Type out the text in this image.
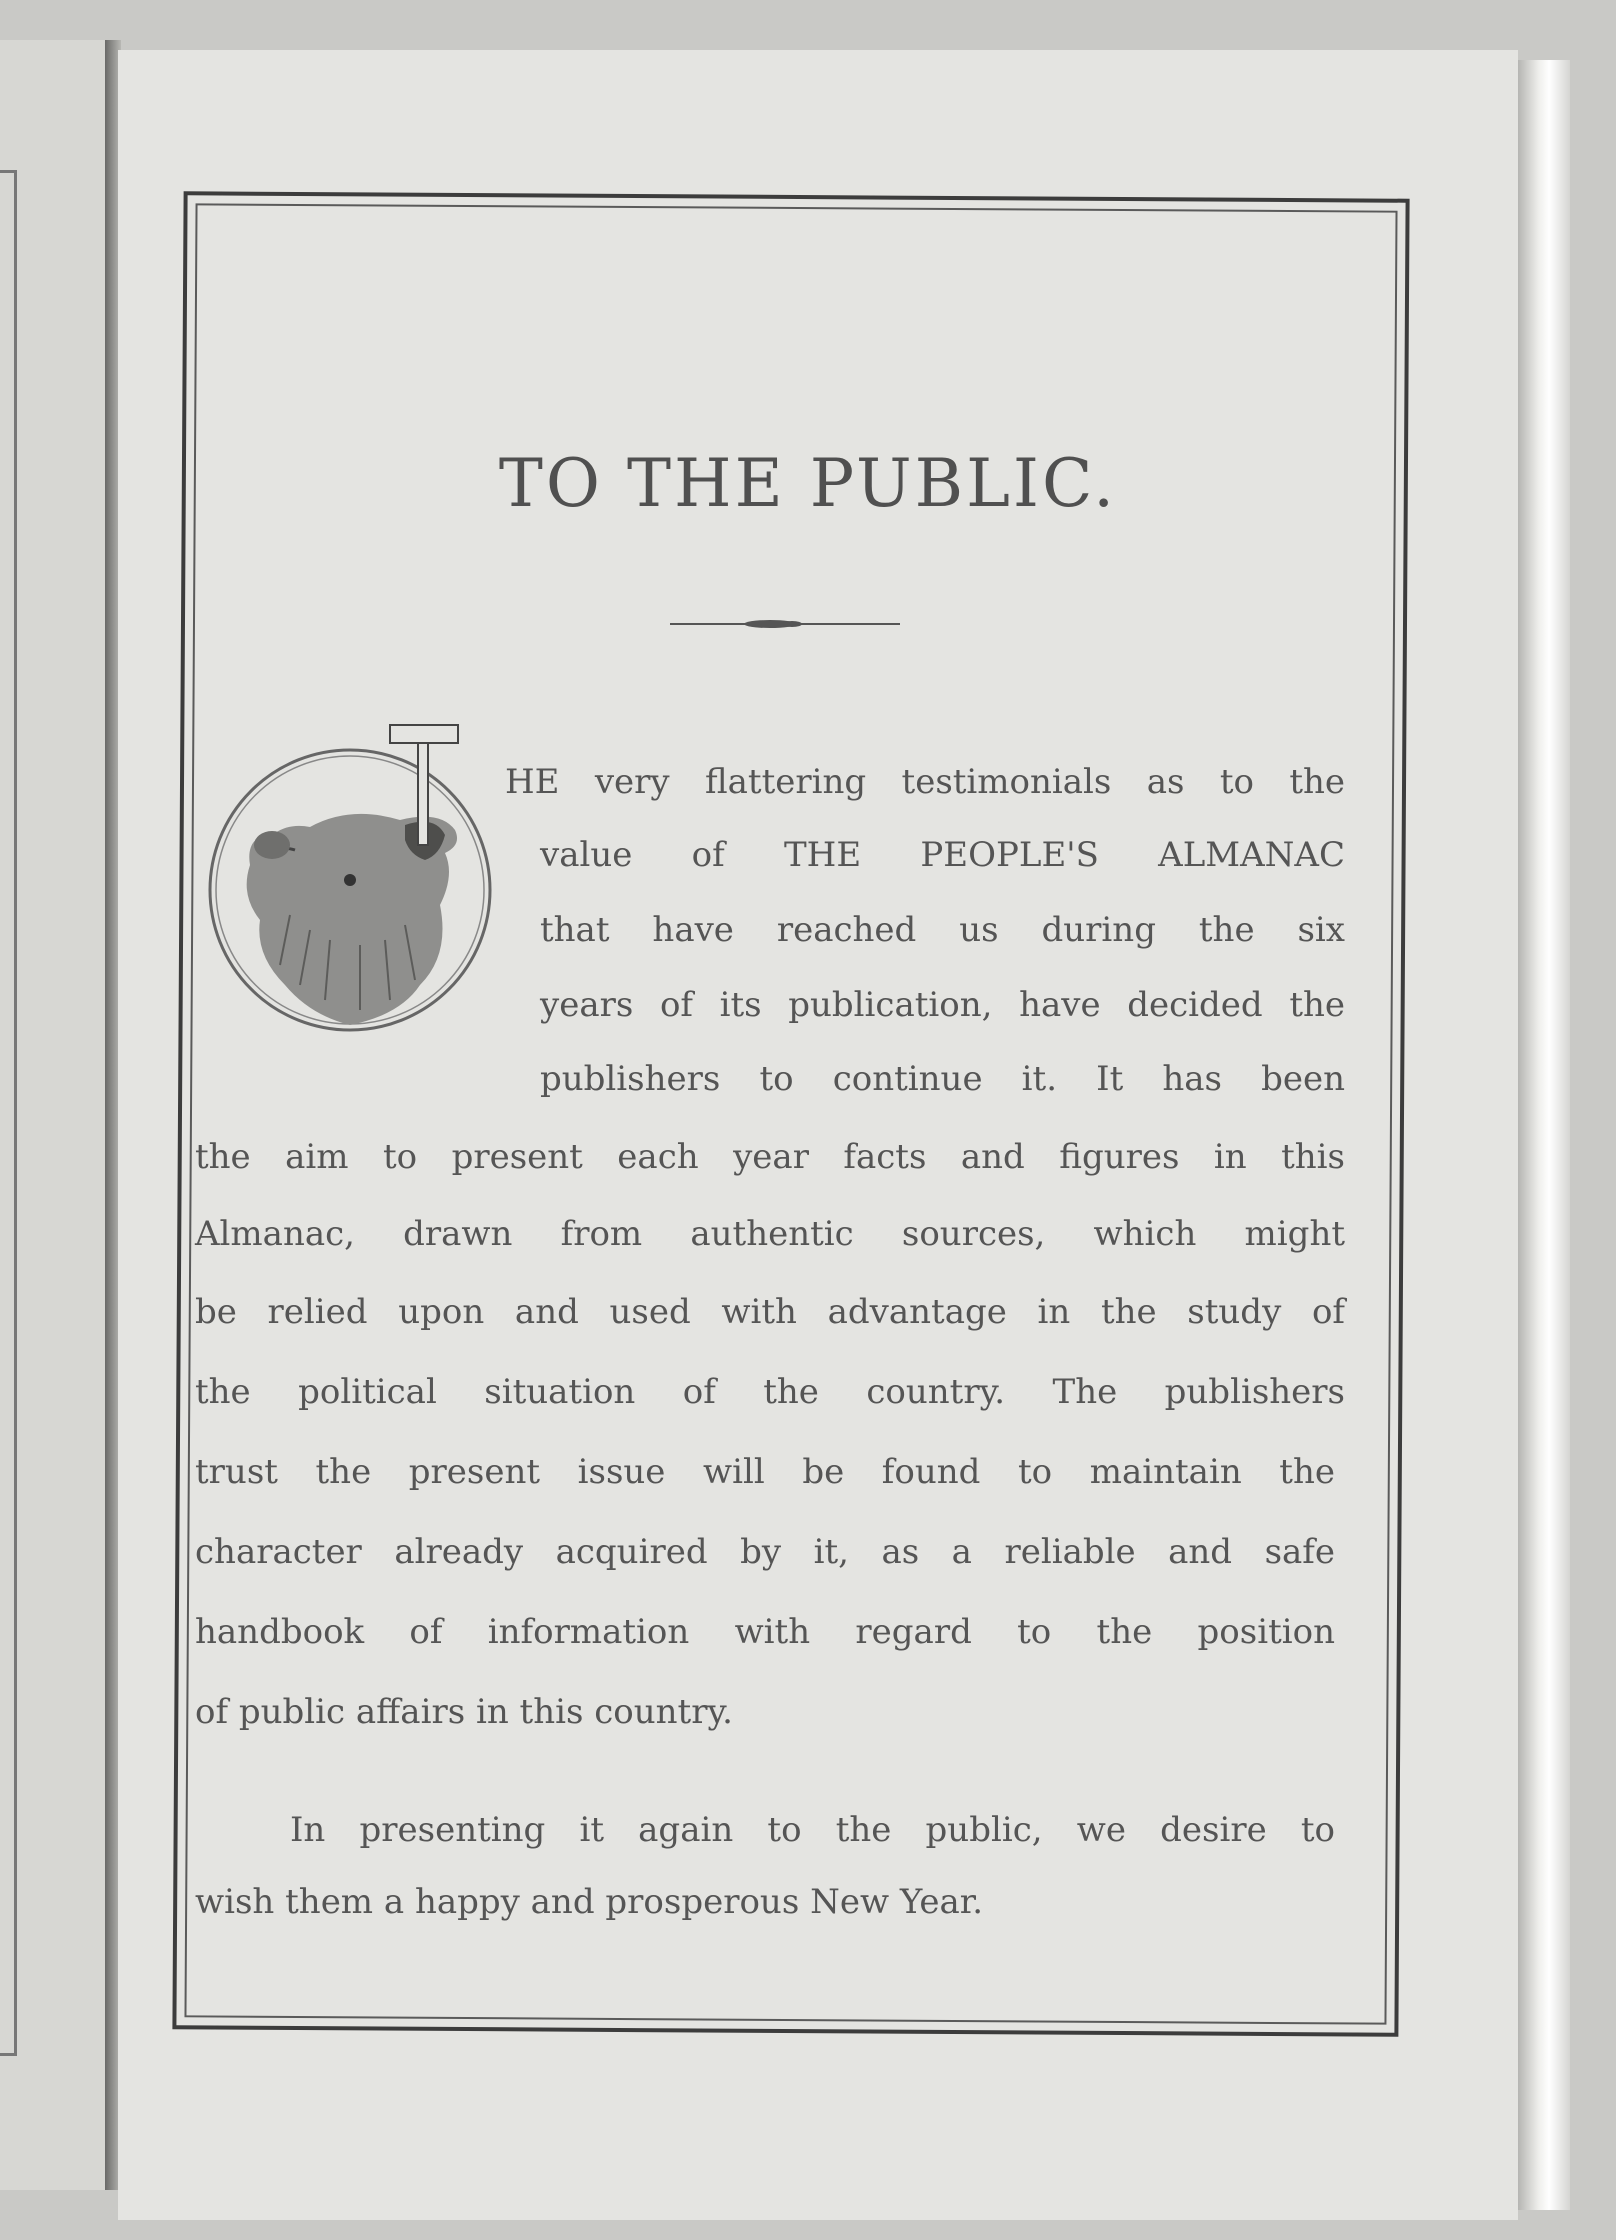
TO THE PUBLIC.
HE very flattering testimonials as to the
value of THE PEOPLE'S ALMANAC
that have reached us during the six
years of its publication, have decided the
publishers to continue it. It has been
the aim to present each year facts and figures in this
Almanac, drawn from authentic sources, which might
be relied upon and used with advantage in the study of
the political situation of the country. The publishers
trust the present issue will be found to maintain the
character already acquired by it, as a reliable and safe
handbook of information with regard to the position
of public affairs in this country.
In presenting it again to the public, we desire to
wish them a happy and prosperous New Year.
